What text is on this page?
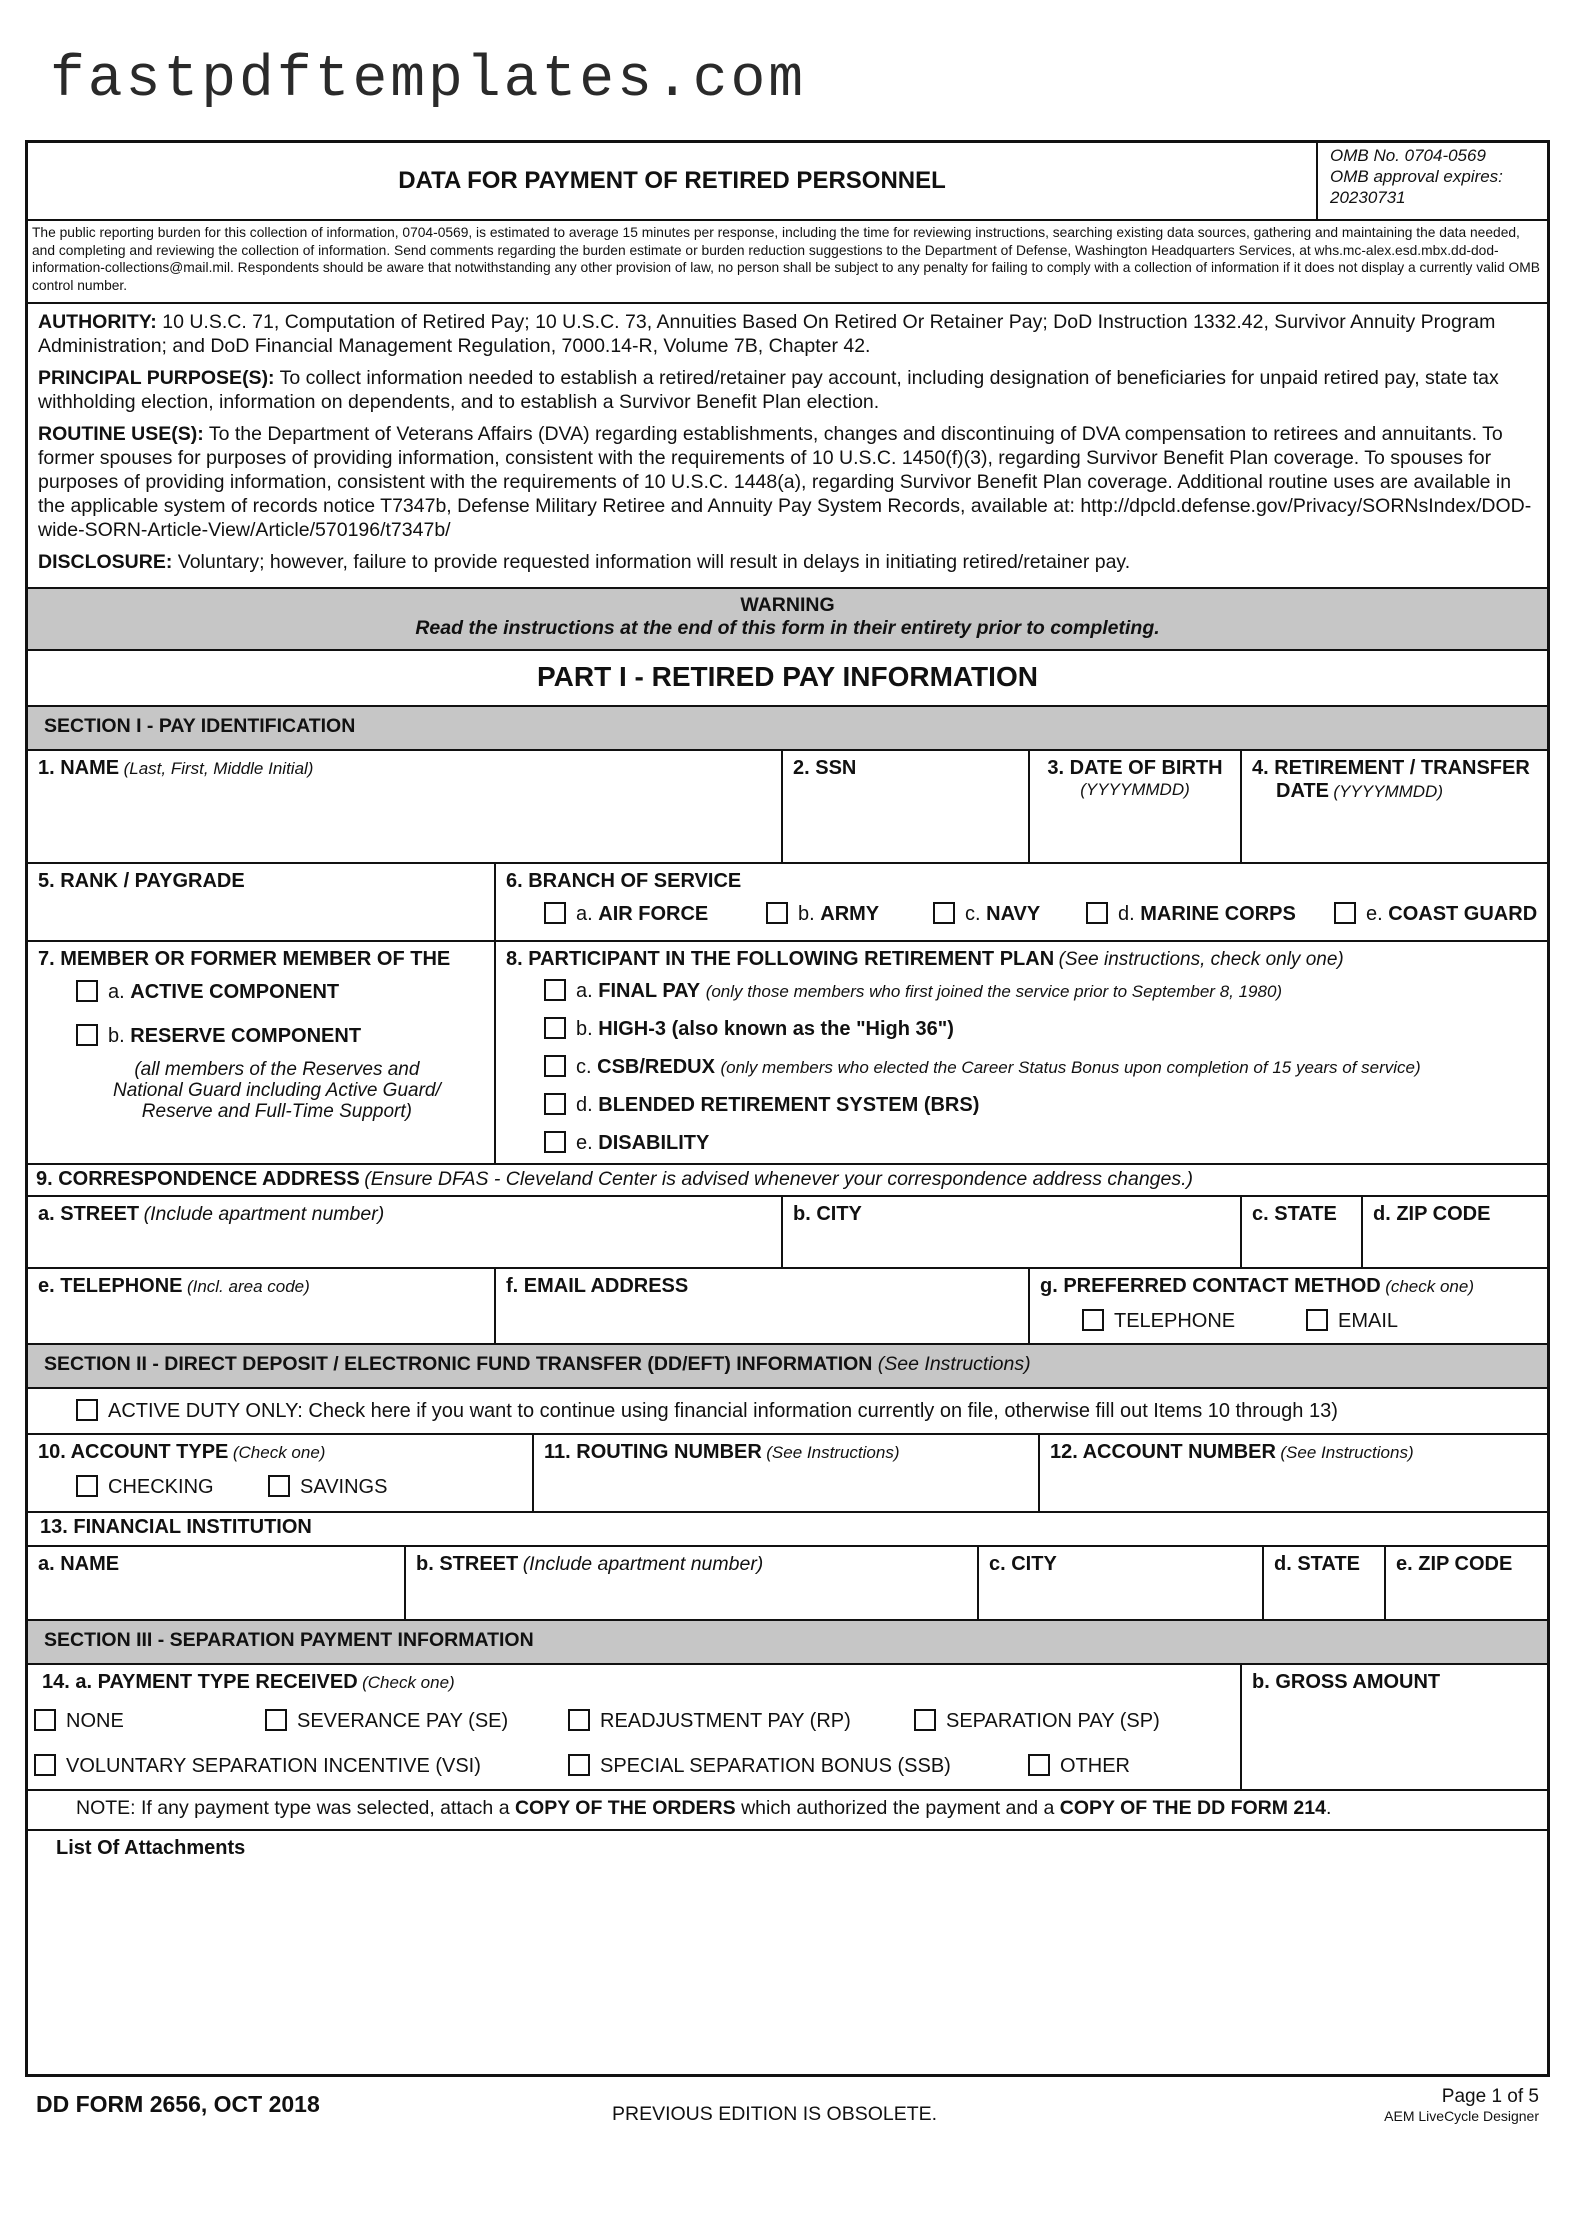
fastpdftemplates.com
DATA FOR PAYMENT OF RETIRED PERSONNEL
OMB No. 0704-0569
OMB approval expires:
20230731
The public reporting burden for this collection of information, 0704-0569, is estimated to average 15 minutes per response, including the time for reviewing instructions, searching existing data sources, gathering and maintaining the data needed, and completing and reviewing the collection of information. Send comments regarding the burden estimate or burden reduction suggestions to the Department of Defense, Washington Headquarters Services, at whs.mc-alex.esd.mbx.dd-dod-information-collections@mail.mil. Respondents should be aware that notwithstanding any other provision of law, no person shall be subject to any penalty for failing to comply with a collection of information if it does not display a currently valid OMB control number.
AUTHORITY: 10 U.S.C. 71, Computation of Retired Pay; 10 U.S.C. 73, Annuities Based On Retired Or Retainer Pay; DoD Instruction 1332.42, Survivor Annuity Program Administration; and DoD Financial Management Regulation, 7000.14-R, Volume 7B, Chapter 42.
PRINCIPAL PURPOSE(S): To collect information needed to establish a retired/retainer pay account, including designation of beneficiaries for unpaid retired pay, state tax withholding election, information on dependents, and to establish a Survivor Benefit Plan election.
ROUTINE USE(S): To the Department of Veterans Affairs (DVA) regarding establishments, changes and discontinuing of DVA compensation to retirees and annuitants. To former spouses for purposes of providing information, consistent with the requirements of 10 U.S.C. 1450(f)(3), regarding Survivor Benefit Plan coverage. To spouses for purposes of providing information, consistent with the requirements of 10 U.S.C. 1448(a), regarding Survivor Benefit Plan coverage. Additional routine uses are available in the applicable system of records notice T7347b, Defense Military Retiree and Annuity Pay System Records, available at: http://dpcld.defense.gov/Privacy/SORNsIndex/DOD-wide-SORN-Article-View/Article/570196/t7347b/
DISCLOSURE: Voluntary; however, failure to provide requested information will result in delays in initiating retired/retainer pay.
WARNING
Read the instructions at the end of this form in their entirety prior to completing.
PART I - RETIRED PAY INFORMATION
SECTION I - PAY IDENTIFICATION
1. NAME (Last, First, Middle Initial)	2. SSN	3. DATE OF BIRTH
(YYYYMMDD)
4. RETIREMENT / TRANSFER
DATE (YYYYMMDD)
5. RANK / PAYGRADE	6. BRANCH OF SERVICE
a. AIR FORCE	b. ARMY	c. NAVY	d. MARINE CORPS	e. COAST GUARD
7. MEMBER OR FORMER MEMBER OF THE
a. ACTIVE COMPONENT
b. RESERVE COMPONENT
(all members of the Reserves and
National Guard including Active Guard/
Reserve and Full-Time Support)
8. PARTICIPANT IN THE FOLLOWING RETIREMENT PLAN (See instructions, check only one)
a. FINAL PAY (only those members who first joined the service prior to September 8, 1980)
b. HIGH-3 (also known as the "High 36")
c. CSB/REDUX (only members who elected the Career Status Bonus upon completion of 15 years of service)
d. BLENDED RETIREMENT SYSTEM (BRS)
e. DISABILITY
9. CORRESPONDENCE ADDRESS (Ensure DFAS - Cleveland Center is advised whenever your correspondence address changes.)
a. STREET (Include apartment number)	b. CITY	c. STATE	d. ZIP CODE
e. TELEPHONE (Incl. area code)	f. EMAIL ADDRESS	g. PREFERRED CONTACT METHOD (check one)
TELEPHONE	EMAIL
SECTION II - DIRECT DEPOSIT / ELECTRONIC FUND TRANSFER (DD/EFT) INFORMATION (See Instructions)
ACTIVE DUTY ONLY: Check here if you want to continue using financial information currently on file, otherwise fill out Items 10 through 13)
10. ACCOUNT TYPE (Check one)
CHECKING	SAVINGS
11. ROUTING NUMBER (See Instructions)	12. ACCOUNT NUMBER (See Instructions)
13. FINANCIAL INSTITUTION
a. NAME	b. STREET (Include apartment number)	c. CITY	d. STATE	e. ZIP CODE
SECTION III - SEPARATION PAYMENT INFORMATION
14. a. PAYMENT TYPE RECEIVED (Check one)
NONE	SEVERANCE PAY (SE)	READJUSTMENT PAY (RP)	SEPARATION PAY (SP)
VOLUNTARY SEPARATION INCENTIVE (VSI)	SPECIAL SEPARATION BONUS (SSB)	OTHER
b. GROSS AMOUNT
NOTE: If any payment type was selected, attach a COPY OF THE ORDERS which authorized the payment and a COPY OF THE DD FORM 214.
List Of Attachments
DD FORM 2656, OCT 2018	PREVIOUS EDITION IS OBSOLETE.
Page 1 of 5
AEM LiveCycle Designer
